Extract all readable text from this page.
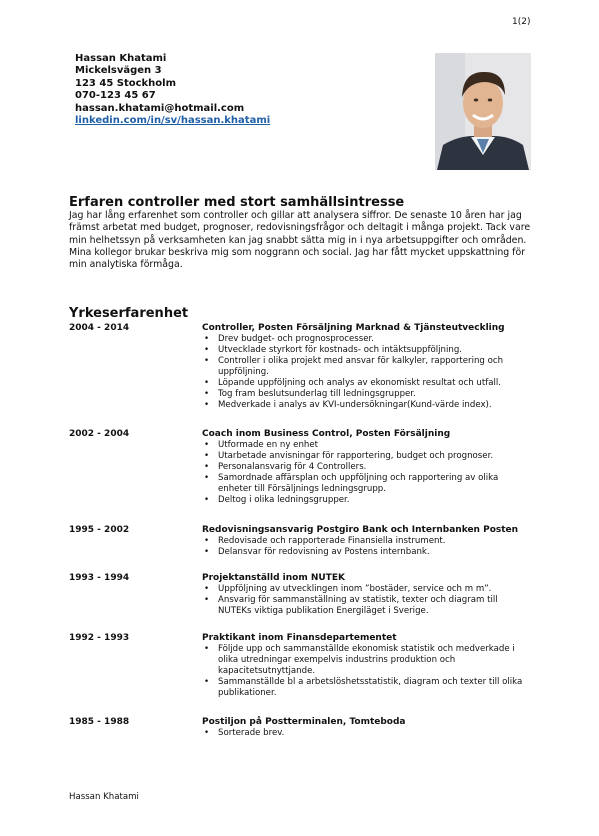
1(2)
Hassan Khatami
Mickelsvägen 3
123 45 Stockholm
070-123 45 67
hassan.khatami@hotmail.com
linkedin.com/in/sv/hassan.khatami
Erfaren controller med stort samhällsintresse
Jag har lång erfarenhet som controller och gillar att analysera siffror. De senaste 10 åren har jag främst arbetat med budget, prognoser, redovisningsfrågor och deltagit i många projekt. Tack vare min helhetssyn på verksamheten kan jag snabbt sätta mig in i nya arbetsuppgifter och områden. Mina kollegor brukar beskriva mig som noggrann och social. Jag har fått mycket uppskattning för min analytiska förmåga.
Yrkeserfarenhet
2004 - 2014	Controller, Posten Försäljning Marknad & Tjänsteutveckling
• Drev budget- och prognosprocesser.
• Utvecklade styrkort för kostnads- och intäktsuppföljning.
• Controller i olika projekt med ansvar för kalkyler, rapportering och uppföljning.
• Löpande uppföljning och analys av ekonomiskt resultat och utfall.
• Tog fram beslutsunderlag till ledningsgrupper.
• Medverkade i analys av KVI-undersökningar(Kund-värde index).
2002 - 2004	Coach inom Business Control, Posten Försäljning
• Utformade en ny enhet
• Utarbetade anvisningar för rapportering, budget och prognoser.
• Personalansvarig för 4 Controllers.
• Samordnade affärsplan och uppföljning och rapportering av olika enheter till Försäljnings ledningsgrupp.
• Deltog i olika ledningsgrupper.
1995 - 2002	Redovisningsansvarig Postgiro Bank och Internbanken Posten
• Redovisade och rapporterade Finansiella instrument.
• Delansvar för redovisning av Postens internbank.
1993 - 1994	Projektanställd inom NUTEK
• Uppföljning av utvecklingen inom ”bostäder, service och m m”.
• Ansvarig för sammanställning av statistik, texter och diagram till NUTEKs viktiga publikation Energiläget i Sverige.
1992 - 1993	Praktikant inom Finansdepartementet
• Följde upp och sammanställde ekonomisk statistik och medverkade i olika utredningar exempelvis industrins produktion och kapacitetsutnyttjande.
• Sammanställde bl a arbetslöshetsstatistik, diagram och texter till olika publikationer.
1985 - 1988	Postiljon på Postterminalen, Tomteboda
• Sorterade brev.
Hassan Khatami
